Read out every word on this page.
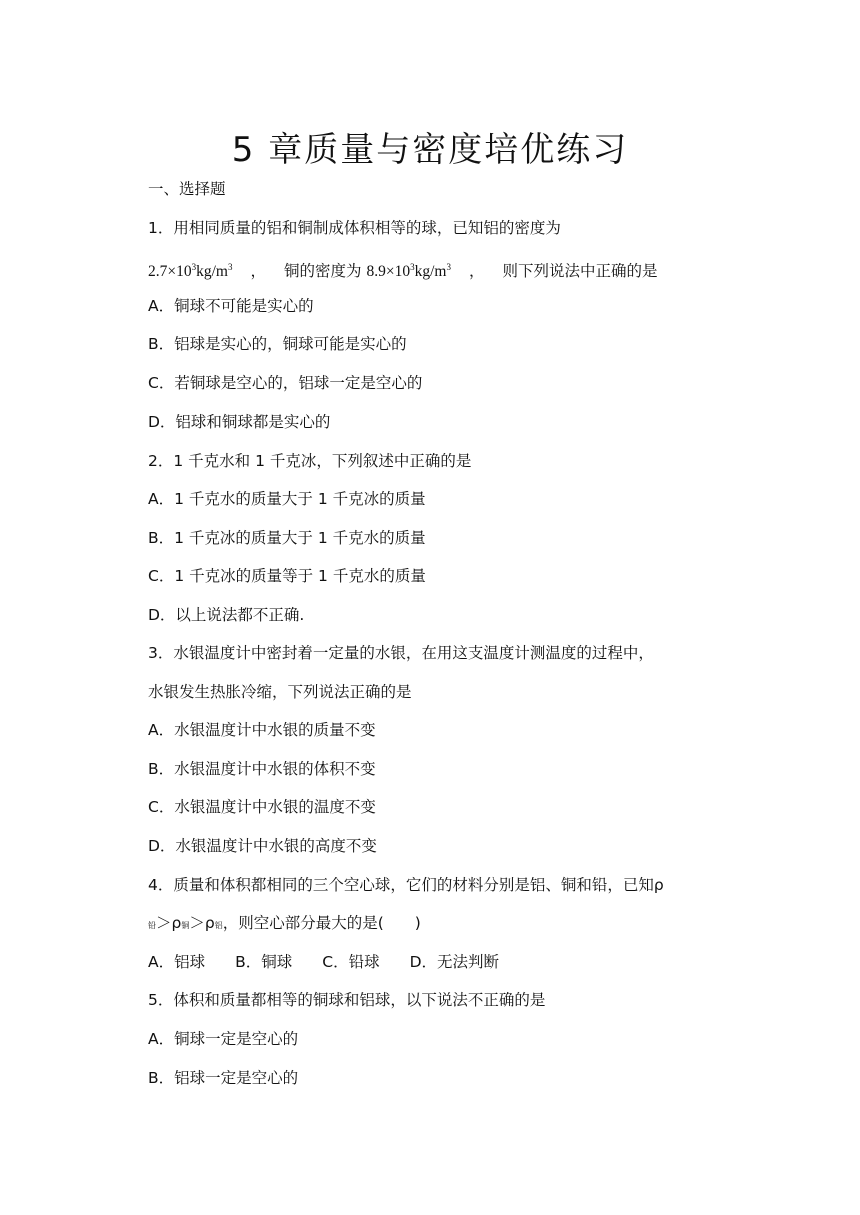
5 章质量与密度培优练习
一、选择题
1．用相同质量的铝和铜制成体积相等的球，已知铝的密度为
$2.7\times 10^3kg/m^3$ ， 铜的密度为 $8.9\times 10^3kg/m^3$ ， 则下列说法中正确的是
A．铜球不可能是实心的
B．铝球是实心的，铜球可能是实心的
C．若铜球是空心的，铝球一定是空心的
D．铝球和铜球都是实心的
2．1 千克水和 1 千克冰，下列叙述中正确的是
A．1 千克水的质量大于 1 千克冰的质量
B．1 千克冰的质量大于 1 千克水的质量
C．1 千克冰的质量等于 1 千克水的质量
D．以上说法都不正确.
3．水银温度计中密封着一定量的水银，在用这支温度计测温度的过程中，
水银发生热胀冷缩，下列说法正确的是
A．水银温度计中水银的质量不变
B．水银温度计中水银的体积不变
C．水银温度计中水银的温度不变
D．水银温度计中水银的高度不变
4．质量和体积都相同的三个空心球，它们的材料分别是铝、铜和铅，已知ρ
铅＞ρ铜＞ρ铝，则空心部分最大的是(　　)
A．铝球 B．铜球 C．铅球 D．无法判断
5．体积和质量都相等的铜球和铝球，以下说法不正确的是
A．铜球一定是空心的
B．铝球一定是空心的
